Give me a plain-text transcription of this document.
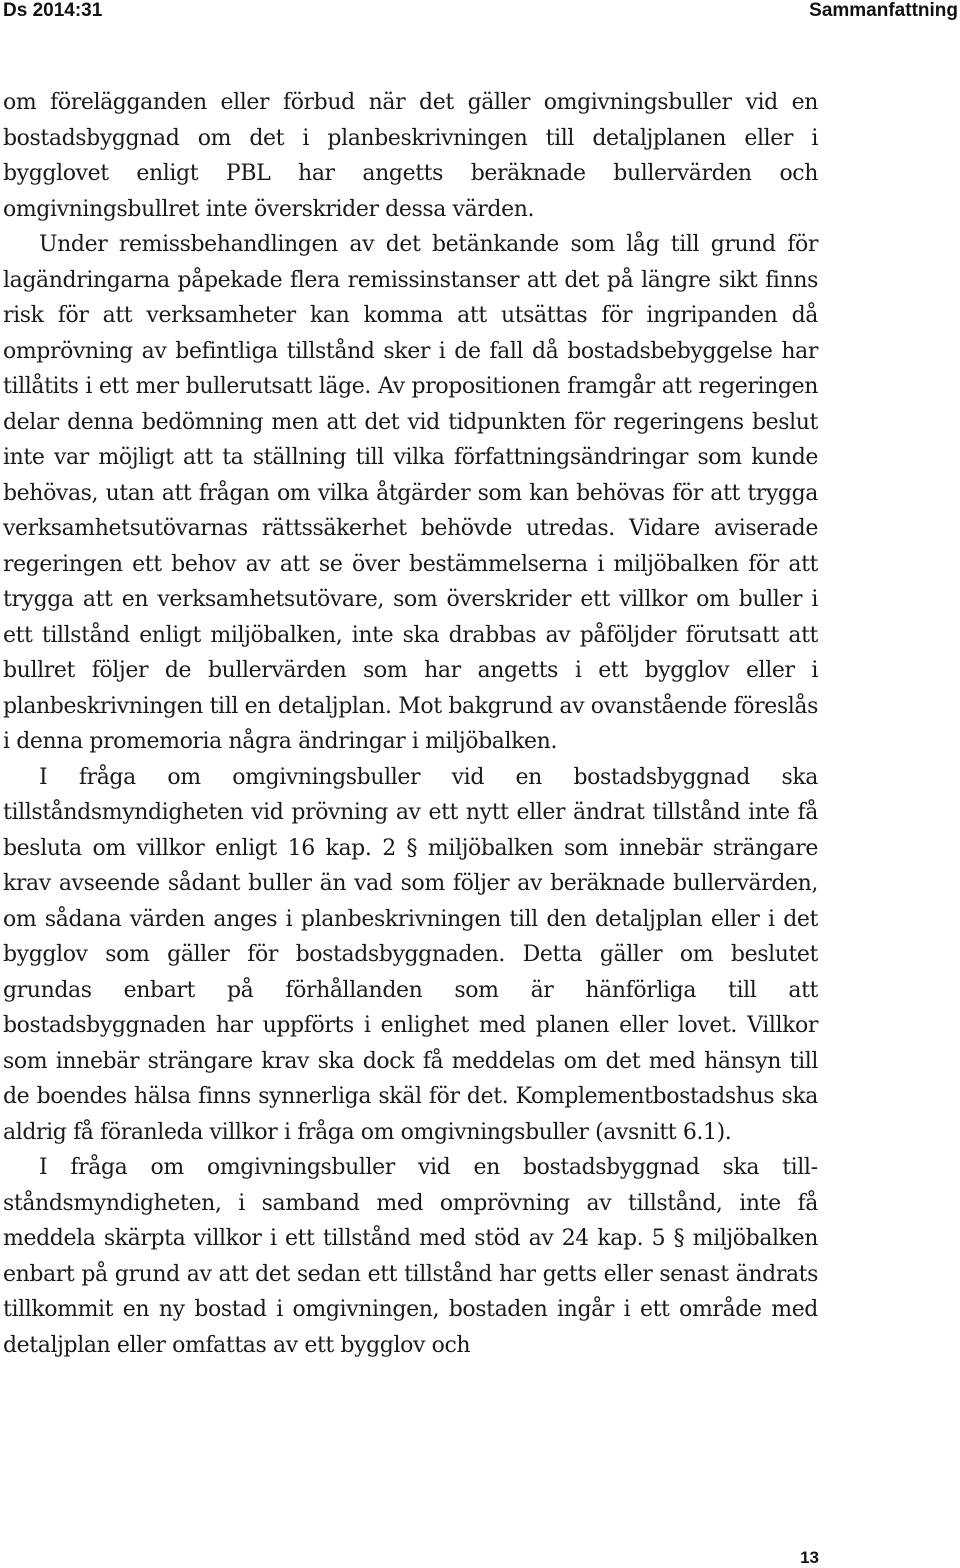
Ds 2014:31	Sammanfattning

om förelägganden eller förbud när det gäller omgivningsbuller vid en bostadsbyggnad om det i planbeskrivningen till detaljplanen eller i bygglovet enligt PBL har angetts beräknade bullervärden och omgivningsbullret inte överskrider dessa värden.

Under remissbehandlingen av det betänkande som låg till grund för lagändringarna påpekade flera remissinstanser att det på längre sikt finns risk för att verksamheter kan komma att utsättas för ingripanden då omprövning av befintliga tillstånd sker i de fall då bostadsbebyggelse har tillåtits i ett mer bullerutsatt läge. Av propositionen framgår att regeringen delar denna bedömning men att det vid tidpunkten för regeringens beslut inte var möjligt att ta ställning till vilka författningsändringar som kunde behövas, utan att frågan om vilka åtgärder som kan behövas för att trygga verksamhetsutövarnas rättssäkerhet behövde utredas. Vidare aviserade regeringen ett behov av att se över bestämmelserna i miljöbalken för att trygga att en verksamhetsutövare, som överskrider ett villkor om buller i ett tillstånd enligt miljöbalken, inte ska drabbas av påföljder förutsatt att bullret följer de bullervärden som har angetts i ett bygglov eller i planbeskrivningen till en detaljplan. Mot bakgrund av ovanstående föreslås i denna promemoria några ändringar i miljöbalken.

I fråga om omgivningsbuller vid en bostadsbyggnad ska tillståndsmyndigheten vid prövning av ett nytt eller ändrat tillstånd inte få besluta om villkor enligt 16 kap. 2 § miljöbalken som innebär strängare krav avseende sådant buller än vad som följer av beräknade bullervärden, om sådana värden anges i planbeskrivningen till den detaljplan eller i det bygglov som gäller för bostadsbyggnaden. Detta gäller om beslutet grundas enbart på förhållanden som är hänförliga till att bostadsbyggnaden har uppförts i enlighet med planen eller lovet. Villkor som innebär strängare krav ska dock få meddelas om det med hänsyn till de boendes hälsa finns synnerliga skäl för det. Komplementbostadshus ska aldrig få föranleda villkor i fråga om omgivningsbuller (avsnitt 6.1).

I fråga om omgivningsbuller vid en bostadsbyggnad ska tillståndsmyndigheten, i samband med omprövning av tillstånd, inte få meddela skärpta villkor i ett tillstånd med stöd av 24 kap. 5 § miljöbalken enbart på grund av att det sedan ett tillstånd har getts eller senast ändrats tillkommit en ny bostad i omgivningen, bostaden ingår i ett område med detaljplan eller omfattas av ett bygglov och

13
